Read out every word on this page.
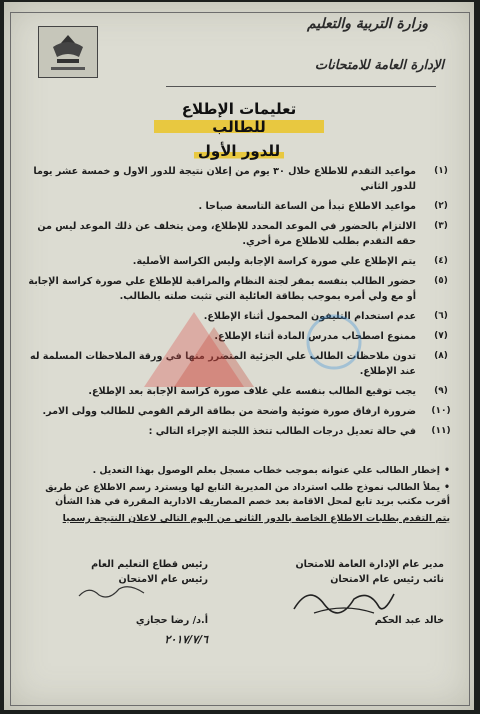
وزارة التربية والتعليم
الإدارة العامة للامتحانات
تعليمات الإطلاع للطالب
للدور الأول
(١)
مواعيد التقدم للاطلاع خلال ٣٠ يوم من إعلان نتيجة للدور الاول و خمسة عشر يوما للدور الثاني
(٢)
مواعيد الاطلاع تبدأ من الساعة التاسعة صباحا .
(٣)
الالتزام بالحضور في الموعد المحدد للإطلاع، ومن يتخلف عن ذلك الموعد ليس من حقه التقدم بطلب للاطلاع مرة أخري.
(٤)
يتم الإطلاع علي صورة كراسة الإجابة وليس الكراسة الأصلية.
(٥)
حضور الطالب بنفسه بمقر لجنة النظام والمراقبة للإطلاع علي صورة كراسة الإجابة أو مع ولي أمره بموجب بطاقة العائلية التي تثبت صلته بالطالب.
(٦)
عدم استخدام التليفون المحمول أثناء الإطلاع.
(٧)
ممنوع اصطحاب مدرس المادة أثناء الإطلاع.
(٨)
تدون ملاحظات الطالب علي الجزئية المتضرر منها في ورقة الملاحظات المسلمة له عند الإطلاع.
(٩)
يجب توقيع الطالب بنفسه علي غلاف صورة كراسة الإجابة بعد الإطلاع.
(١٠)
ضرورة ارفاق صورة ضوئية واضحة من بطاقة الرقم القومي للطالب وولى الامر.
(١١)
في حالة تعديل درجات الطالب تتخذ اللجنة الإجراء التالي :
•إخطار الطالب علي عنوانه بموجب خطاب مسجل بعلم الوصول بهذا التعديل .
•يملأ الطالب نموذج طلب استرداد من المديرية التابع لها ويسترد رسم الاطلاع عن طريق أقرب مكتب بريد تابع لمحل الاقامة بعد خصم المصاريف الادارية المقررة في هذا الشأن
يتم التقدم بطلبات الاطلاع الخاصة بالدور الثاني من اليوم التالي لاعلان النتيجة رسميا
مدير عام الإدارة العامة للامتحان
نائب رئيس عام الامتحان
خالد عبد الحكم
رئيس قطاع التعليم العام
رئيس عام الامتحان
أ.د/ رضا حجازي
٢٠١٧/٧/٦
